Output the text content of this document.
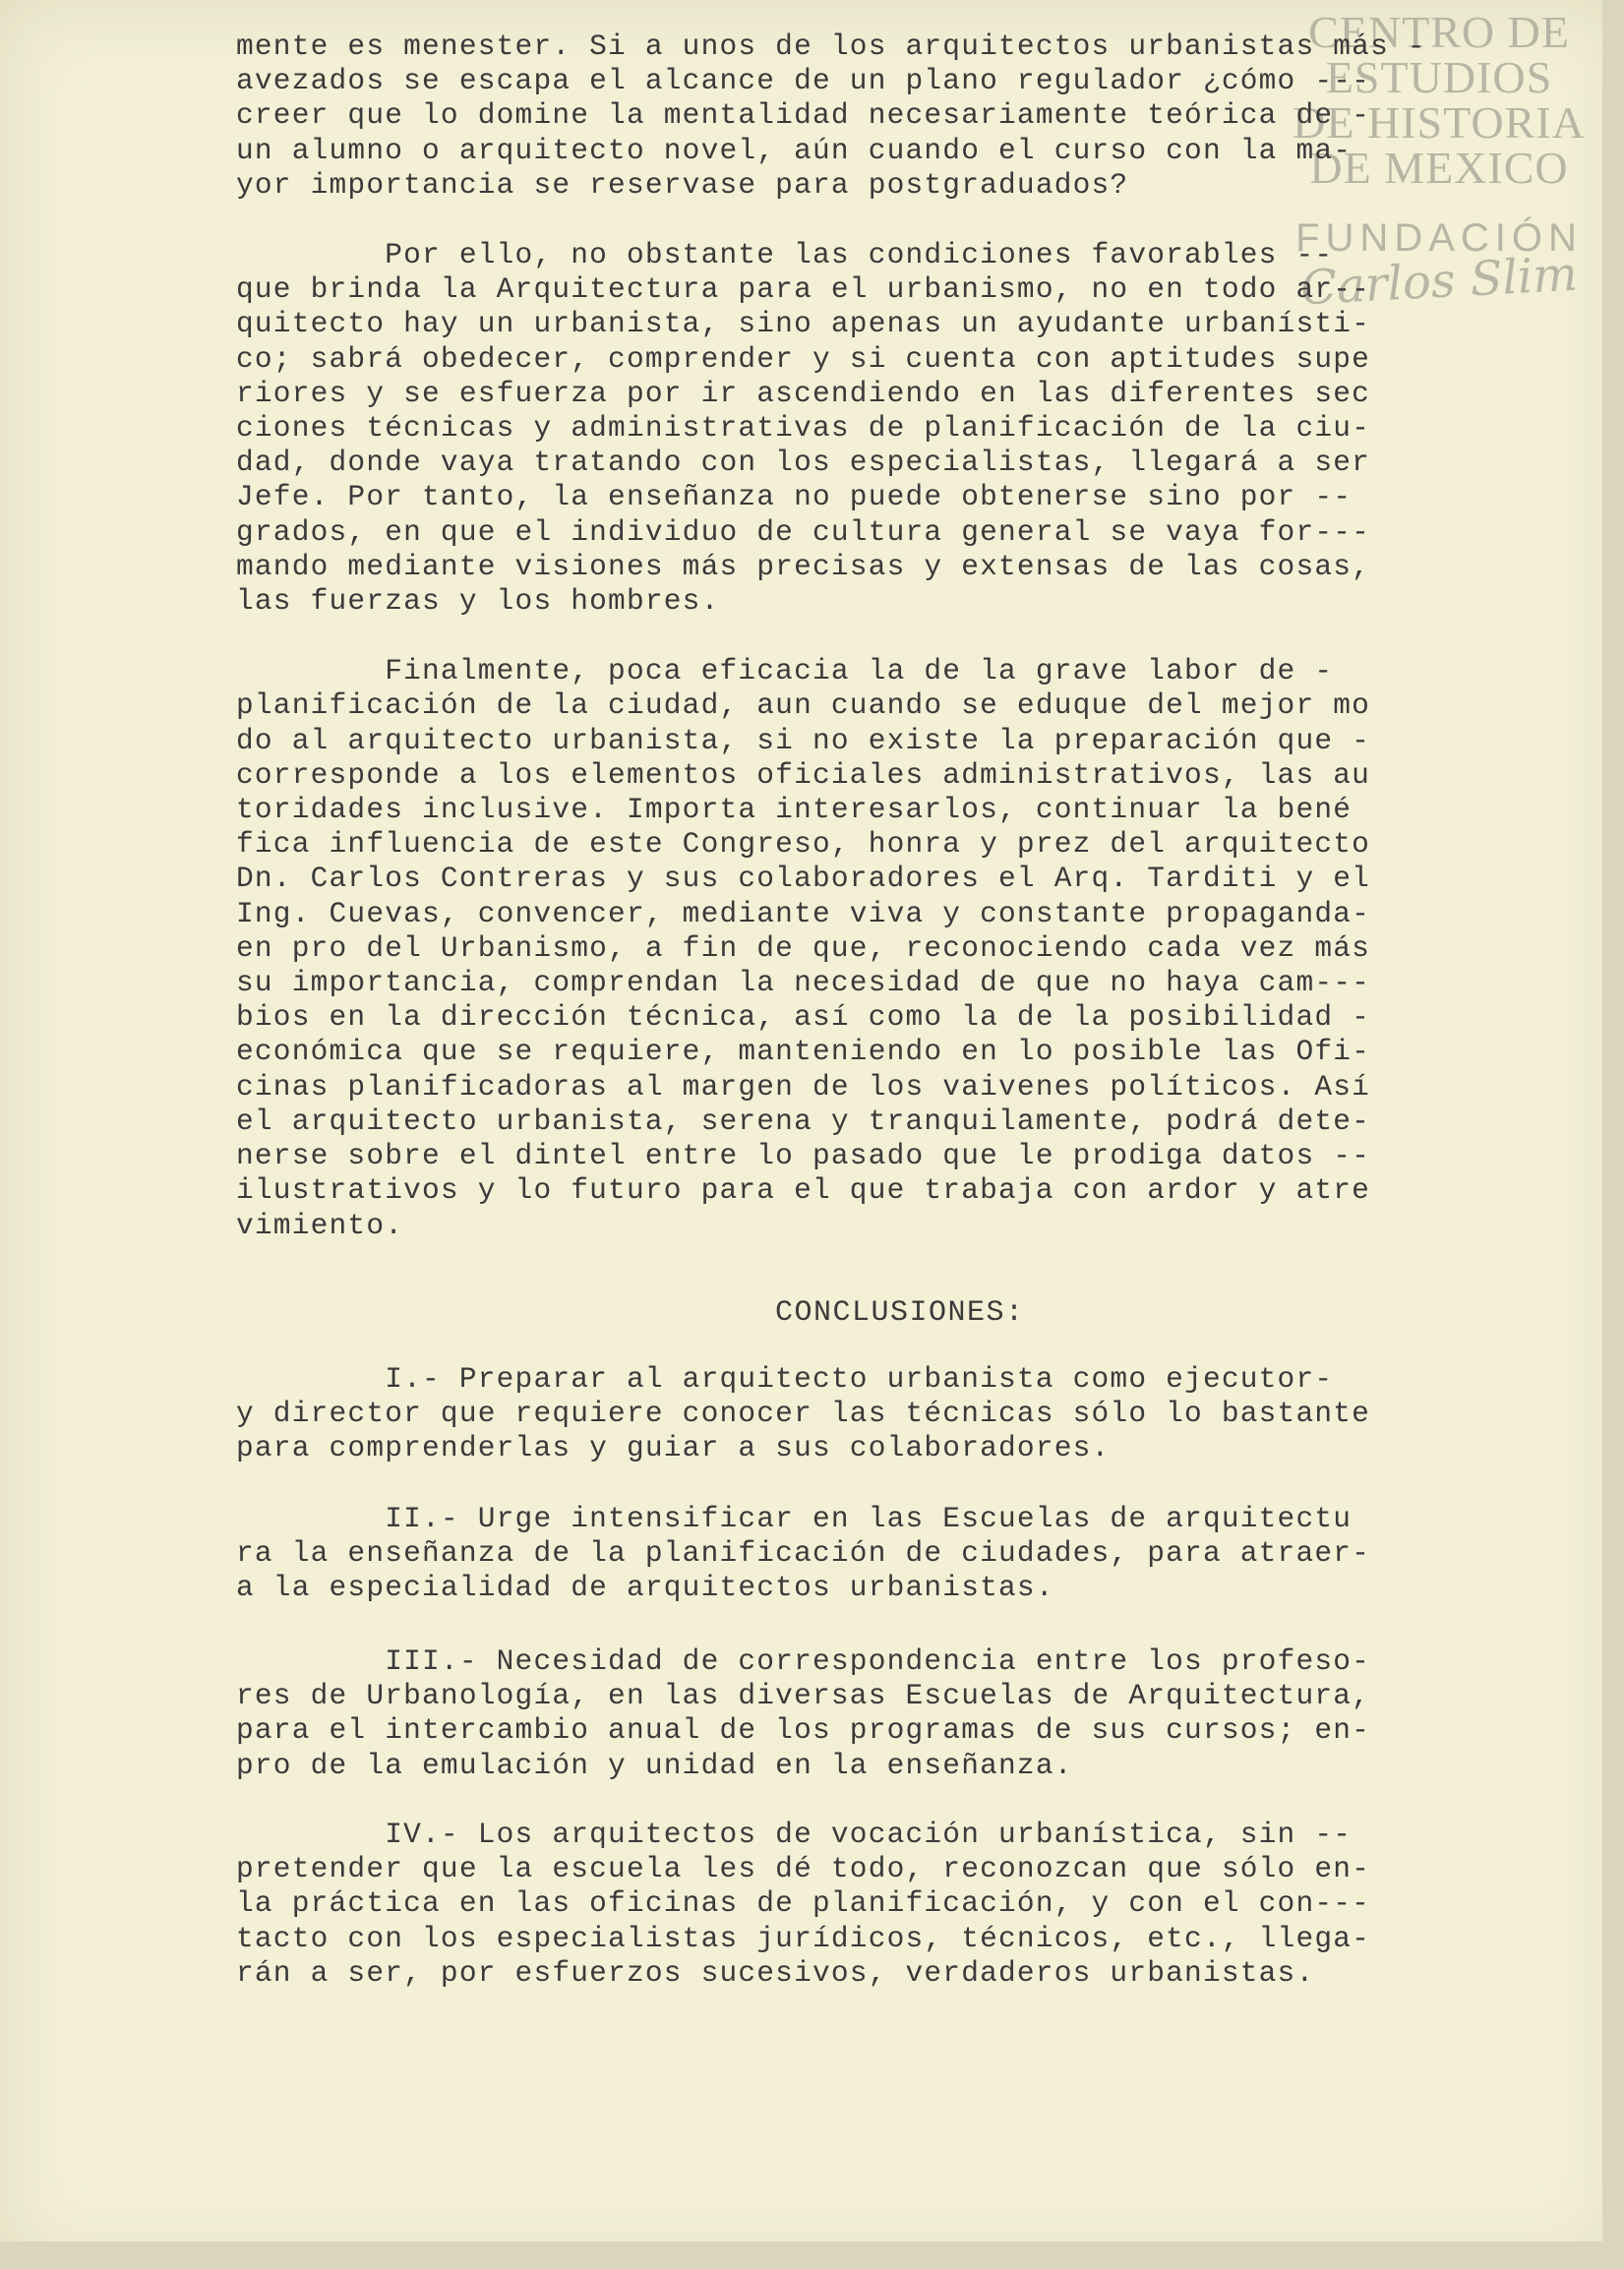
CENTRO DE
ESTUDIOS
DE HISTORIA
DE MEXICO
FUNDACIÓN
Carlos Slim
mente es menester. Si a unos de los arquitectos urbanistas más -
avezados se escapa el alcance de un plano regulador ¿cómo ---
creer que lo domine la mentalidad necesariamente teórica de -
un alumno o arquitecto novel, aún cuando el curso con la ma-
yor importancia se reservase para postgraduados?
Por ello, no obstante las condiciones favorables --
que brinda la Arquitectura para el urbanismo, no en todo ar--
quitecto hay un urbanista, sino apenas un ayudante urbanísti-
co; sabrá obedecer, comprender y si cuenta con aptitudes supe
riores y se esfuerza por ir ascendiendo en las diferentes sec
ciones técnicas y administrativas de planificación de la ciu-
dad, donde vaya tratando con los especialistas, llegará a ser
Jefe. Por tanto, la enseñanza no puede obtenerse sino por --
grados, en que el individuo de cultura general se vaya for---
mando mediante visiones más precisas y extensas de las cosas,
las fuerzas y los hombres.
Finalmente, poca eficacia la de la grave labor de -
planificación de la ciudad, aun cuando se eduque del mejor mo
do al arquitecto urbanista, si no existe la preparación que -
corresponde a los elementos oficiales administrativos, las au
toridades inclusive. Importa interesarlos, continuar la bené
fica influencia de este Congreso, honra y prez del arquitecto
Dn. Carlos Contreras y sus colaboradores el Arq. Tarditi y el
Ing. Cuevas, convencer, mediante viva y constante propaganda-
en pro del Urbanismo, a fin de que, reconociendo cada vez más
su importancia, comprendan la necesidad de que no haya cam---
bios en la dirección técnica, así como la de la posibilidad -
económica que se requiere, manteniendo en lo posible las Ofi-
cinas planificadoras al margen de los vaivenes políticos. Así
el arquitecto urbanista, serena y tranquilamente, podrá dete-
nerse sobre el dintel entre lo pasado que le prodiga datos --
ilustrativos y lo futuro para el que trabaja con ardor y atre
vimiento.
CONCLUSIONES:
I.- Preparar al arquitecto urbanista como ejecutor-
y director que requiere conocer las técnicas sólo lo bastante
para comprenderlas y guiar a sus colaboradores.
II.- Urge intensificar en las Escuelas de arquitectu
ra la enseñanza de la planificación de ciudades, para atraer-
a la especialidad de arquitectos urbanistas.
III.- Necesidad de correspondencia entre los profeso-
res de Urbanología, en las diversas Escuelas de Arquitectura,
para el intercambio anual de los programas de sus cursos; en-
pro de la emulación y unidad en la enseñanza.
IV.- Los arquitectos de vocación urbanística, sin --
pretender que la escuela les dé todo, reconozcan que sólo en-
la práctica en las oficinas de planificación, y con el con---
tacto con los especialistas jurídicos, técnicos, etc., llega-
rán a ser, por esfuerzos sucesivos, verdaderos urbanistas.
